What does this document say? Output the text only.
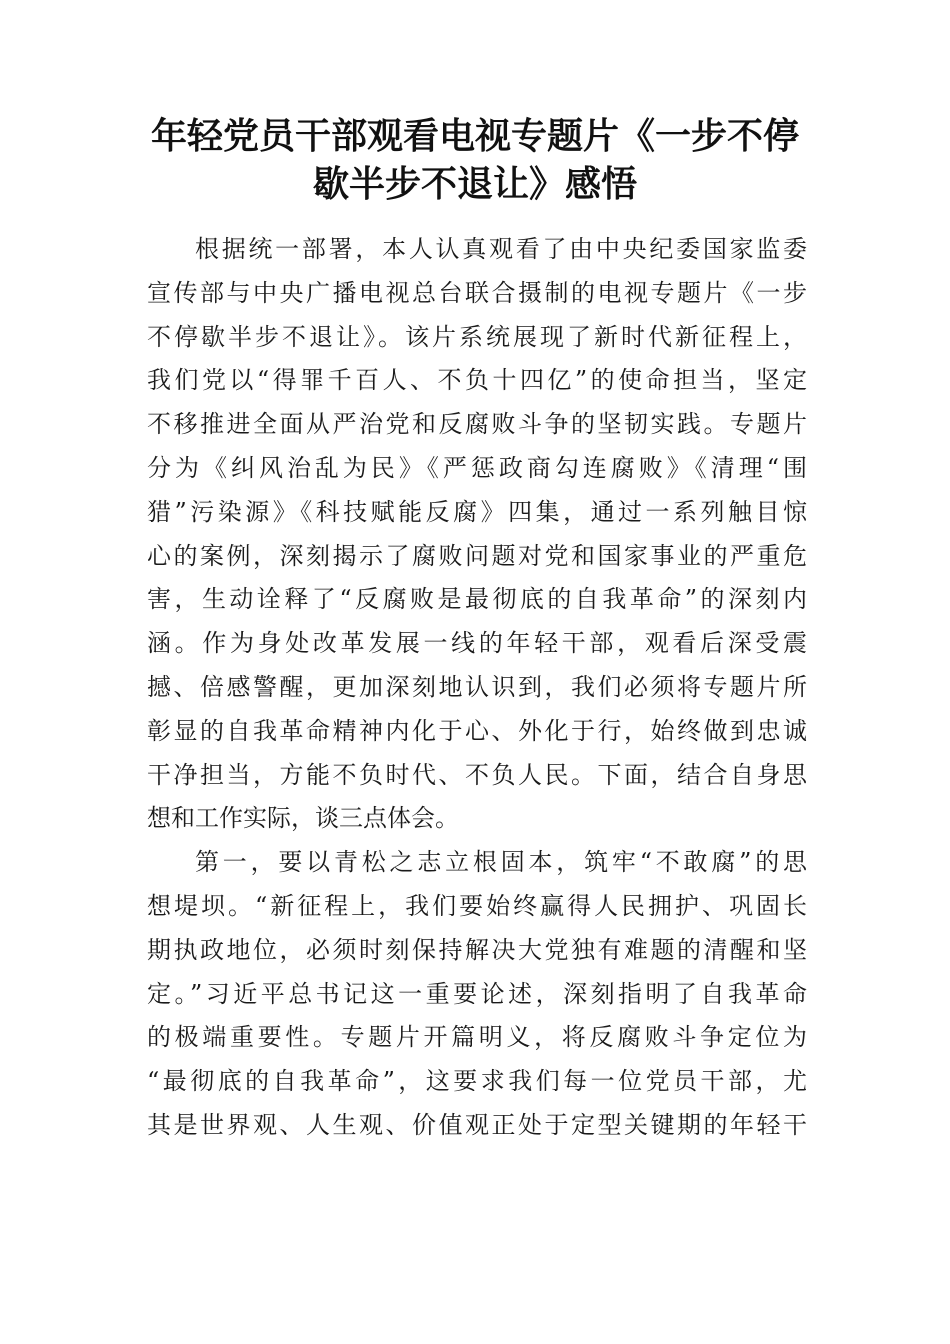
年轻党员干部观看电视专题片《一步不停
歇半步不退让》感悟
根据统一部署，本人认真观看了由中央纪委国家监委
宣传部与中央广播电视总台联合摄制的电视专题片《一步
不停歇半步不退让》。该片系统展现了新时代新征程上，
我们党以“得罪千百人、不负十四亿”的使命担当，坚定
不移推进全面从严治党和反腐败斗争的坚韧实践。专题片
分为《纠风治乱为民》《严惩政商勾连腐败》《清理“围
猎”污染源》《科技赋能反腐》四集，通过一系列触目惊
心的案例，深刻揭示了腐败问题对党和国家事业的严重危
害，生动诠释了“反腐败是最彻底的自我革命”的深刻内
涵。作为身处改革发展一线的年轻干部，观看后深受震
撼、倍感警醒，更加深刻地认识到，我们必须将专题片所
彰显的自我革命精神内化于心、外化于行，始终做到忠诚
干净担当，方能不负时代、不负人民。下面，结合自身思
想和工作实际，谈三点体会。
第一，要以青松之志立根固本，筑牢“不敢腐”的思
想堤坝。“新征程上，我们要始终赢得人民拥护、巩固长
期执政地位，必须时刻保持解决大党独有难题的清醒和坚
定。”习近平总书记这一重要论述，深刻指明了自我革命
的极端重要性。专题片开篇明义，将反腐败斗争定位为
“最彻底的自我革命”，这要求我们每一位党员干部，尤
其是世界观、人生观、价值观正处于定型关键期的年轻干
